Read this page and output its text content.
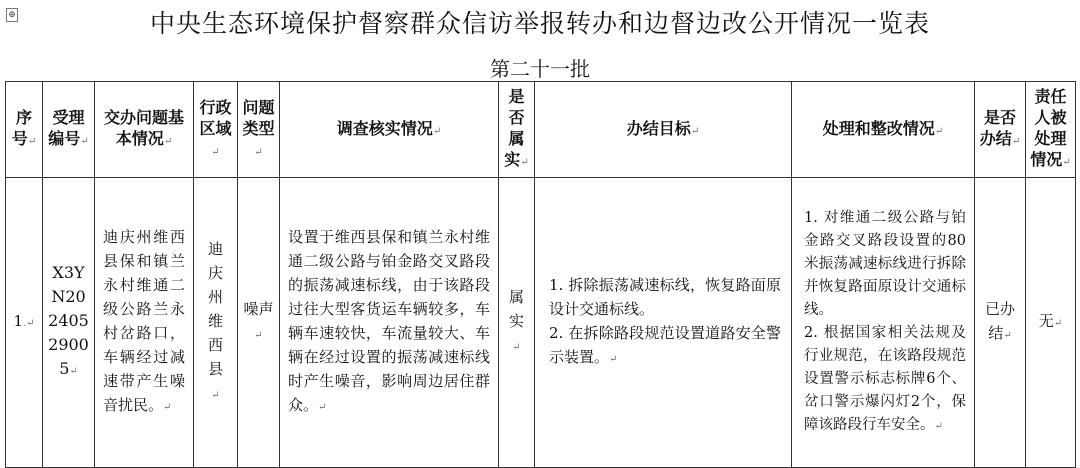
⊕	中央生态环境保护督察群众信访举报转办和边督边改公开情况一览表
第二十一批
序号↵	受理编号↵	交办问题基本情况↵	行政区域↵	问题类型↵	调查核实情况↵	是否属实↵	办结目标↵	处理和整改情况↵	是否办结↵	责任人被处理情况↵
1.↵	X3YN20240529005↵	迪庆州维西县保和镇兰永村维通二级公路兰永村岔路口，车辆经过减速带产生噪音扰民。↵	迪庆州维西县↵	噪声↵	设置于维西县保和镇兰永村维通二级公路与铂金路交叉路段的振荡减速标线，由于该路段过往大型客货运车辆较多，车辆车速较快，车流量较大、车辆在经过设置的振荡减速标线时产生噪音，影响周边居住群众。↵	属实↵	1. 拆除振荡减速标线，恢复路面原设计交通标线。
2. 在拆除路段规范设置道路安全警示装置。↵	1. 对维通二级公路与铂金路交叉路段设置的80米振荡减速标线进行拆除并恢复路面原设计交通标线。
2. 根据国家相关法规及行业规范，在该路段规范设置警示标志标牌6个、岔口警示爆闪灯2个，保障该路段行车安全。↵	已办结↵	无↵
